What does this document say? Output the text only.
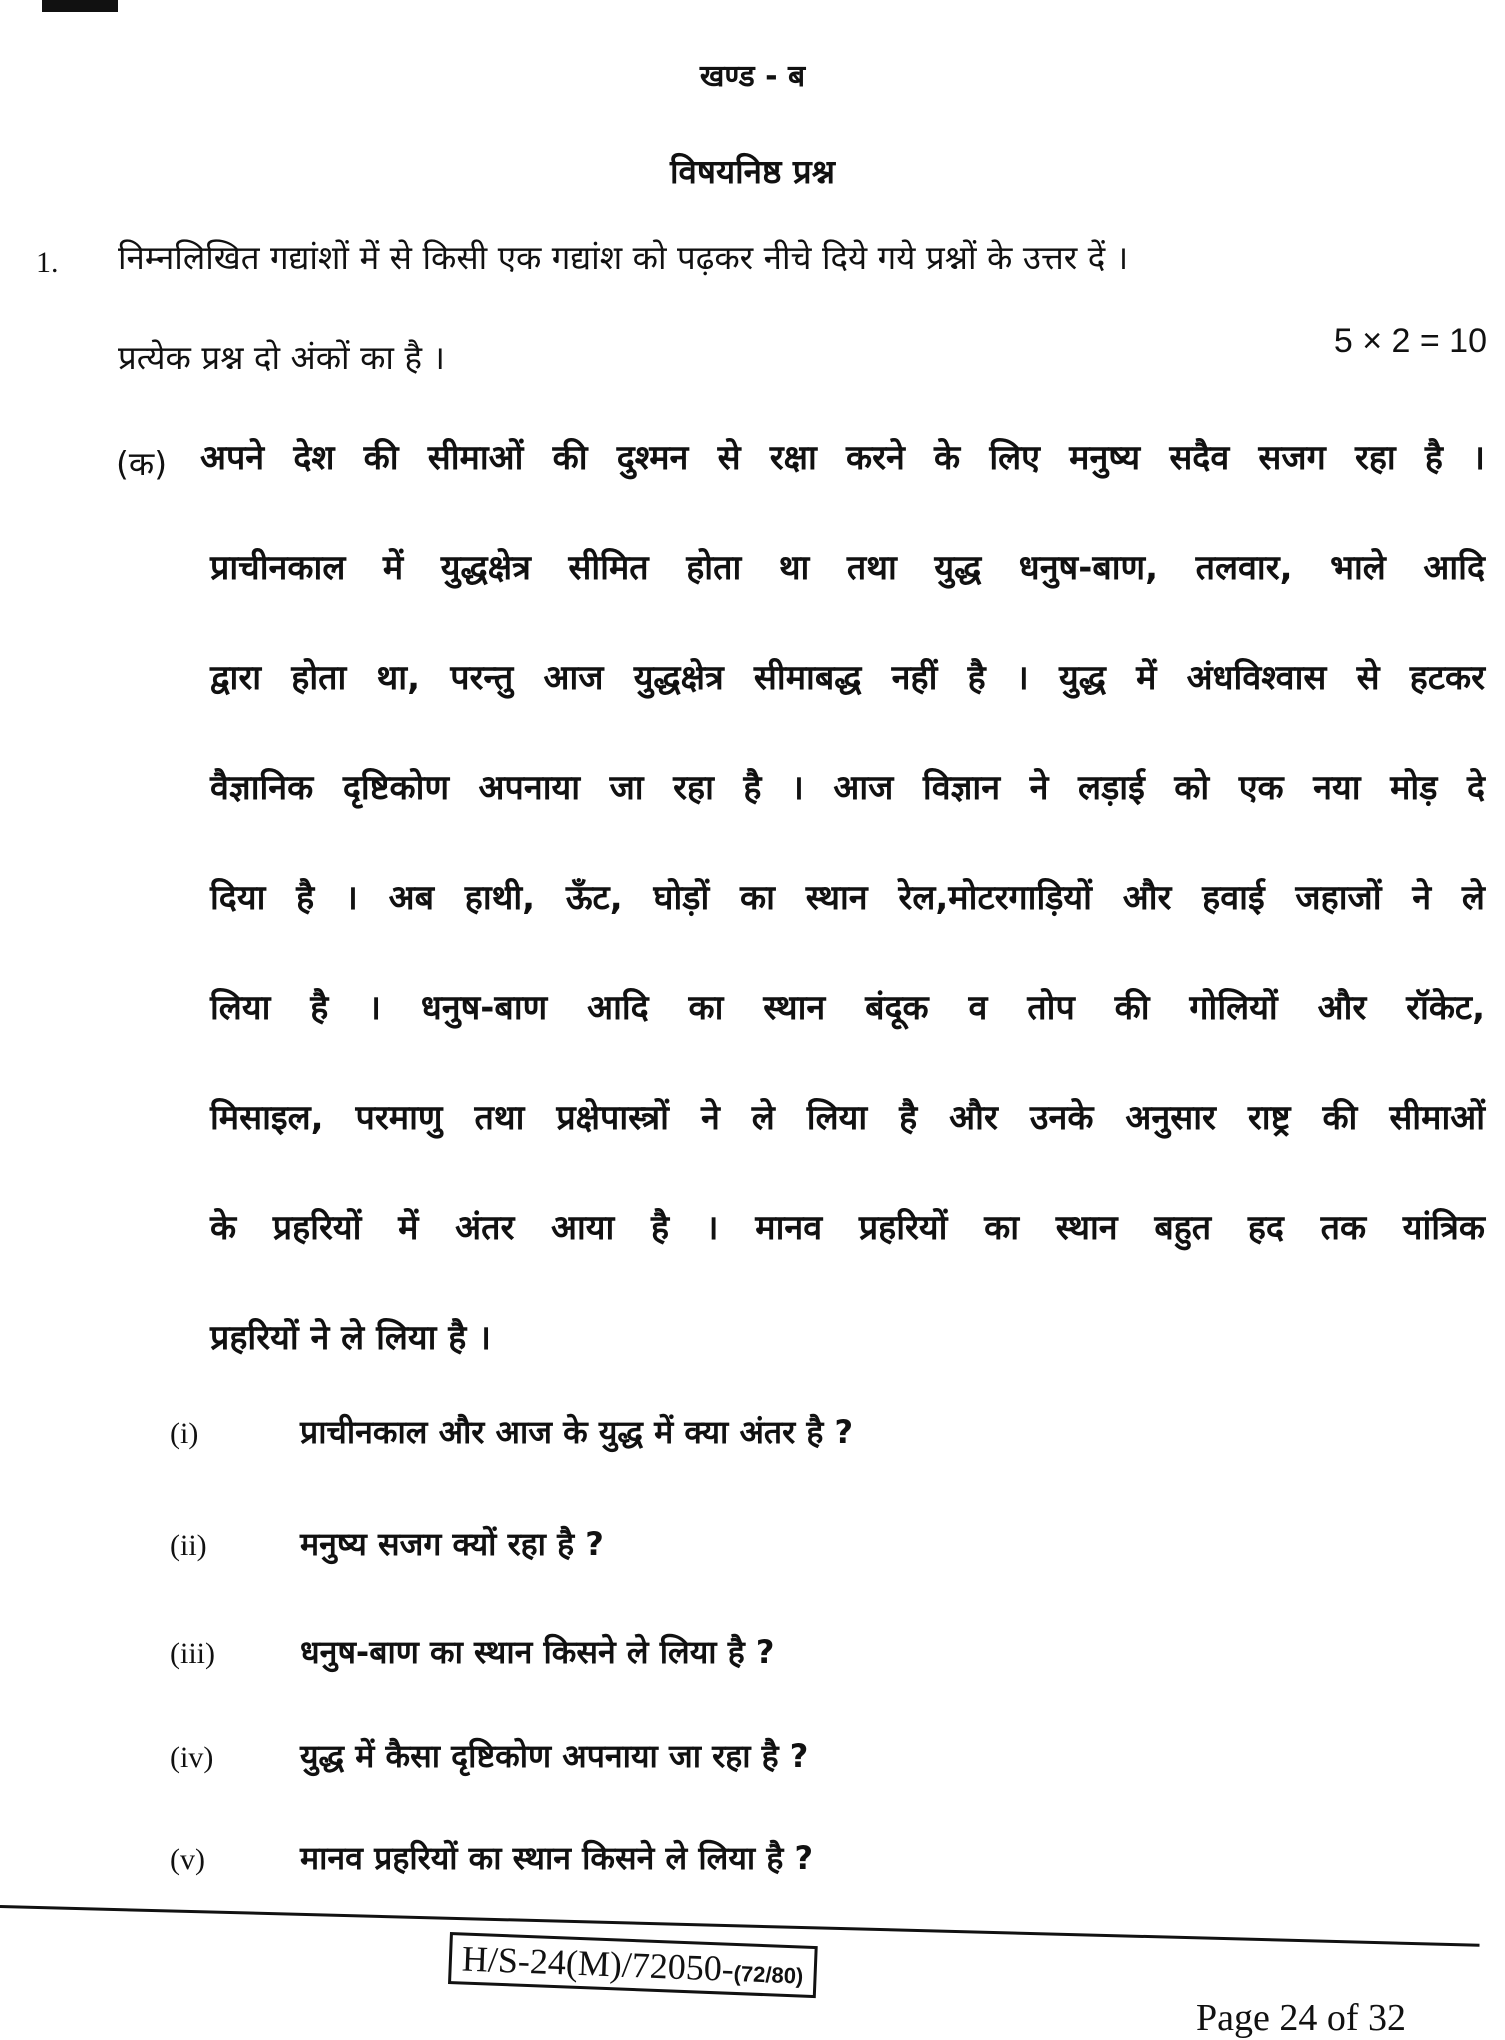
खण्ड - ब
विषयनिष्ठ प्रश्न
1. निम्नलिखित गद्यांशों में से किसी एक गद्यांश को पढ़कर नीचे दिये गये प्रश्नों के उत्तर दें ।
प्रत्येक प्रश्न दो अंकों का है ।	5 × 2 = 10
(क) अपने देश की सीमाओं की दुश्मन से रक्षा करने के लिए मनुष्य सदैव सजग रहा है ।
प्राचीनकाल में युद्धक्षेत्र सीमित होता था तथा युद्ध धनुष-बाण, तलवार, भाले आदि
द्वारा होता था, परन्तु आज युद्धक्षेत्र सीमाबद्ध नहीं है । युद्ध में अंधविश्वास से हटकर
वैज्ञानिक दृष्टिकोण अपनाया जा रहा है । आज विज्ञान ने लड़ाई को एक नया मोड़ दे
दिया है । अब हाथी, ऊँट, घोड़ों का स्थान रेल,मोटरगाड़ियों और हवाई जहाजों ने ले
लिया है । धनुष-बाण आदि का स्थान बंदूक व तोप की गोलियों और रॉकेट,
मिसाइल, परमाणु तथा प्रक्षेपास्त्रों ने ले लिया है और उनके अनुसार राष्ट्र की सीमाओं
के प्रहरियों में अंतर आया है । मानव प्रहरियों का स्थान बहुत हद तक यांत्रिक
प्रहरियों ने ले लिया है ।
(i)	प्राचीनकाल और आज के युद्ध में क्या अंतर है ?
(ii)	मनुष्य सजग क्यों रहा है ?
(iii)	धनुष-बाण का स्थान किसने ले लिया है ?
(iv)	युद्ध में कैसा दृष्टिकोण अपनाया जा रहा है ?
(v)	मानव प्रहरियों का स्थान किसने ले लिया है ?
H/S-24(M)/72050-(72/80)
Page 24 of 32
